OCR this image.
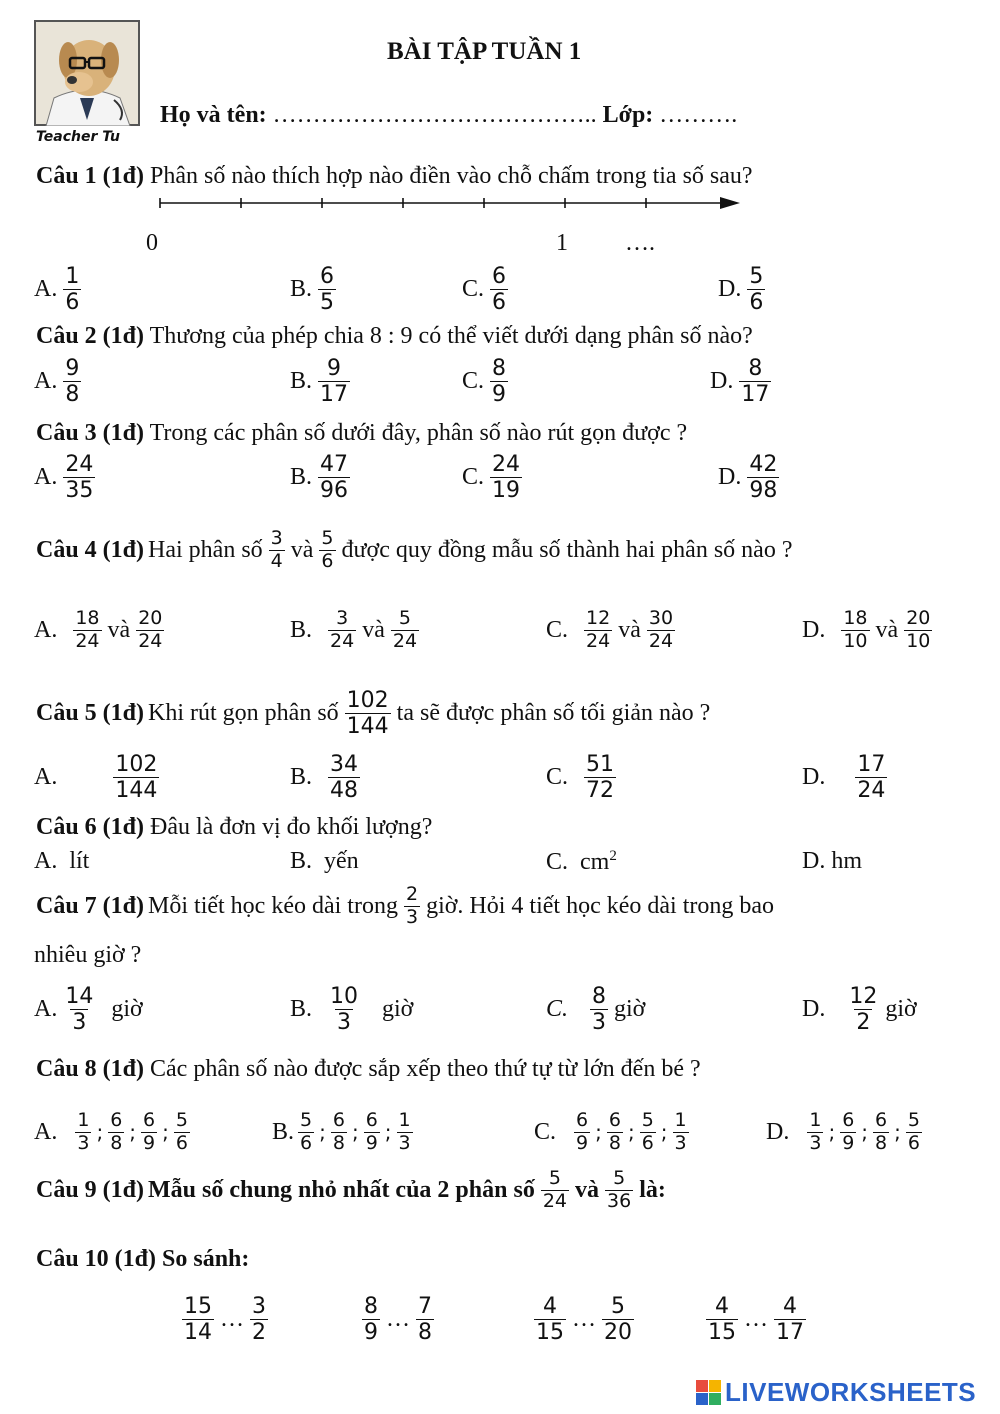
Teacher Tu
BÀI TẬP TUẦN 1
Họ và tên: ………………………………….. Lớp: ……….
Câu 1 (1đ) Phân số nào thích hợp nào điền vào chỗ chấm trong tia số sau?
0	1 ….
A. 1
6
B. 6
5
C. 6
6
D. 5
6
Câu 2 (1đ) Thương của phép chia 8 : 9 có thể viết dưới dạng phân số nào?
A. 9
8
B. 9
17
C. 8
9
D. 8
17
Câu 3 (1đ) Trong các phân số dưới đây, phân số nào rút gọn được ?
A. 24
35
B. 47
96
C. 24
19
D. 42
98
Câu 4 (1đ) Hai phân số 3
4 và 5
6 được quy đồng mẫu số thành hai phân số nào ?
A.
18
24 và 20
24	B.
3
24 và 5
24	C.
12
24 và 30
24	D.
18
10 và 20
10
Câu 5 (1đ) Khi rút gọn phân số 102
144
ta sẽ được phân số tối giản nào ?
A.	102
144
B.
34
48
C.
51
72
D. 17
24
Câu 6 (1đ) Đâu là đơn vị đo khối lượng?
A. lít	B. yến	C. $cm^2$	D. hm
Câu 7 (1đ) Mỗi tiết học kéo dài trong 2
3 giờ. Hỏi 4 tiết học kéo dài trong bao
nhiêu giờ ?
A. 14
3

giờ	B.
10
3

giờ	C.
8
3
giờ	D.
12
2
giờ
Câu 8 (1đ) Các phân số nào được sắp xếp theo thứ tự từ lớn đến bé ?
A.
1
3 ;
6
8 ;
6
9 ;
5
6	B. 5
6 ;
6
8 ;
6
9 ;
1
3	C.
6
9 ;
6
8 ;
5
6 ;
1
3	D.
1
3 ;
6
9 ;
6
8 ;
5
6
Câu 9 (1đ) Mẫu số chung nhỏ nhất của 2 phân số 5
24 và 5
36 là:
Câu 10 (1đ) So sánh:
15
14
… 3
2
8
9
… 7
8
4
15
… 5
20
4
15
… 4
17
LIVEWORKSHEETS
